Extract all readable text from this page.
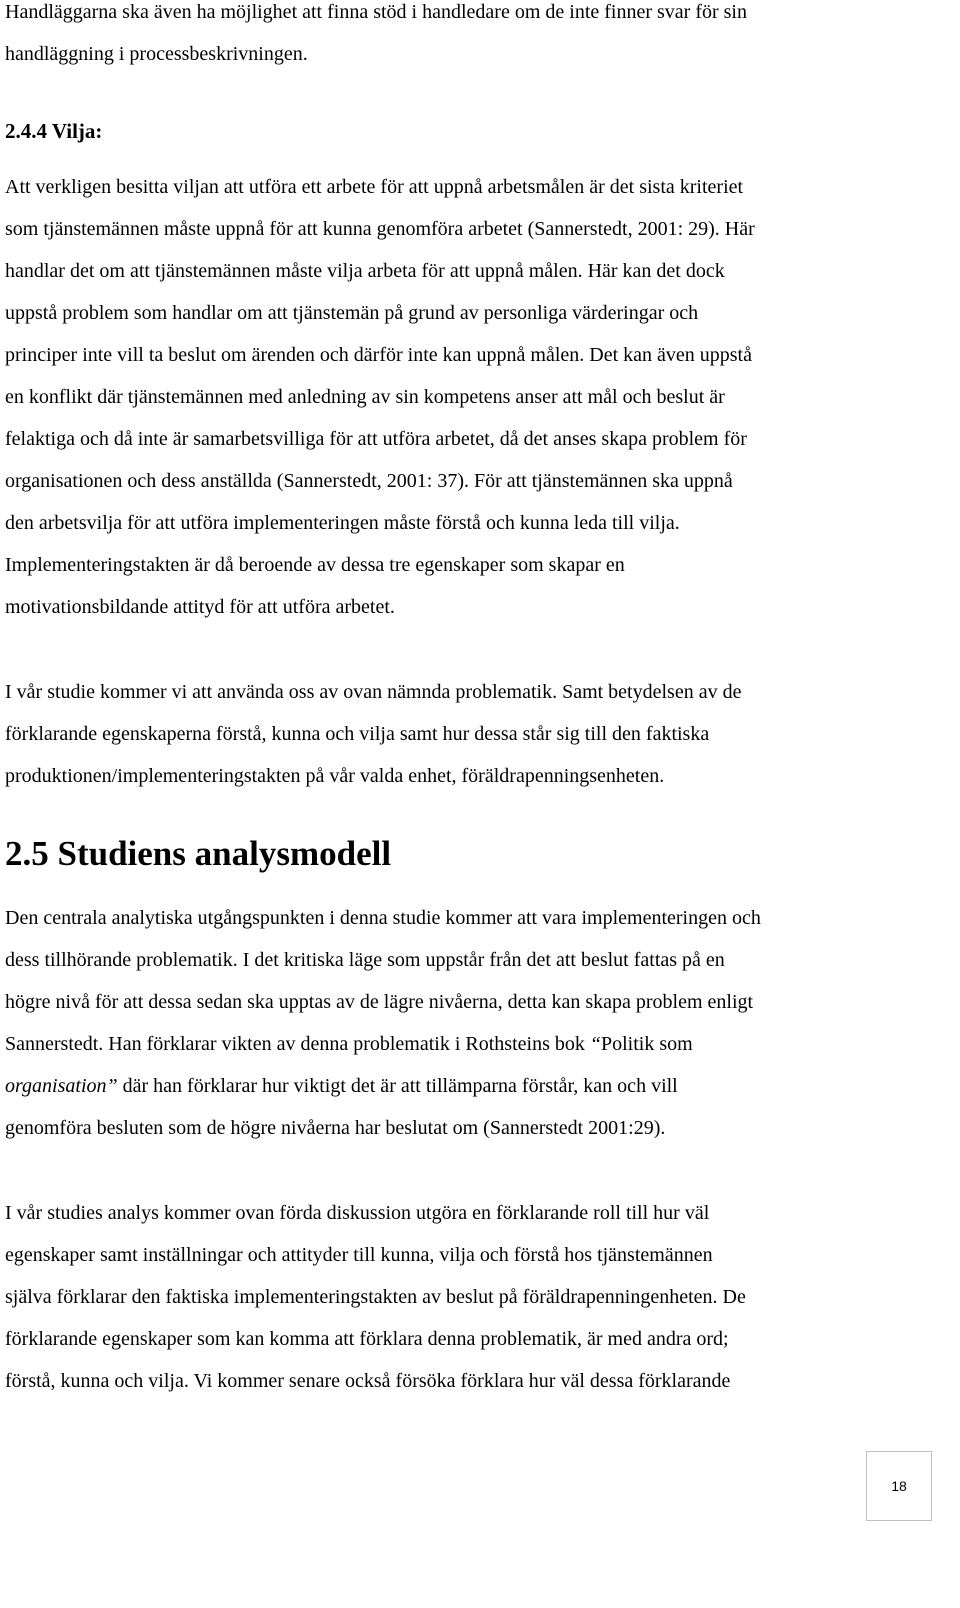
Handläggarna ska även ha möjlighet att finna stöd i handledare om de inte finner svar för sin
handläggning i processbeskrivningen.
2.4.4 Vilja:
Att verkligen besitta viljan att utföra ett arbete för att uppnå arbetsmålen är det sista kriteriet
som tjänstemännen måste uppnå för att kunna genomföra arbetet (Sannerstedt, 2001: 29). Här
handlar det om att tjänstemännen måste vilja arbeta för att uppnå målen. Här kan det dock
uppstå problem som handlar om att tjänstemän på grund av personliga värderingar och
principer inte vill ta beslut om ärenden och därför inte kan uppnå målen. Det kan även uppstå
en konflikt där tjänstemännen med anledning av sin kompetens anser att mål och beslut är
felaktiga och då inte är samarbetsvilliga för att utföra arbetet, då det anses skapa problem för
organisationen och dess anställda (Sannerstedt, 2001: 37). För att tjänstemännen ska uppnå
den arbetsvilja för att utföra implementeringen måste förstå och kunna leda till vilja.
Implementeringstakten är då beroende av dessa tre egenskaper som skapar en
motivationsbildande attityd för att utföra arbetet.
I vår studie kommer vi att använda oss av ovan nämnda problematik. Samt betydelsen av de
förklarande egenskaperna förstå, kunna och vilja samt hur dessa står sig till den faktiska
produktionen/implementeringstakten på vår valda enhet, föräldrapenningsenheten.
2.5 Studiens analysmodell
Den centrala analytiska utgångspunkten i denna studie kommer att vara implementeringen och
dess tillhörande problematik. I det kritiska läge som uppstår från det att beslut fattas på en
högre nivå för att dessa sedan ska upptas av de lägre nivåerna, detta kan skapa problem enligt
Sannerstedt. Han förklarar vikten av denna problematik i Rothsteins bok “Politik som
organisation” där han förklarar hur viktigt det är att tillämparna förstår, kan och vill
genomföra besluten som de högre nivåerna har beslutat om (Sannerstedt 2001:29).
I vår studies analys kommer ovan förda diskussion utgöra en förklarande roll till hur väl
egenskaper samt inställningar och attityder till kunna, vilja och förstå hos tjänstemännen
själva förklarar den faktiska implementeringstakten av beslut på föräldrapenningenheten. De
förklarande egenskaper som kan komma att förklara denna problematik, är med andra ord;
förstå, kunna och vilja. Vi kommer senare också försöka förklara hur väl dessa förklarande
18
